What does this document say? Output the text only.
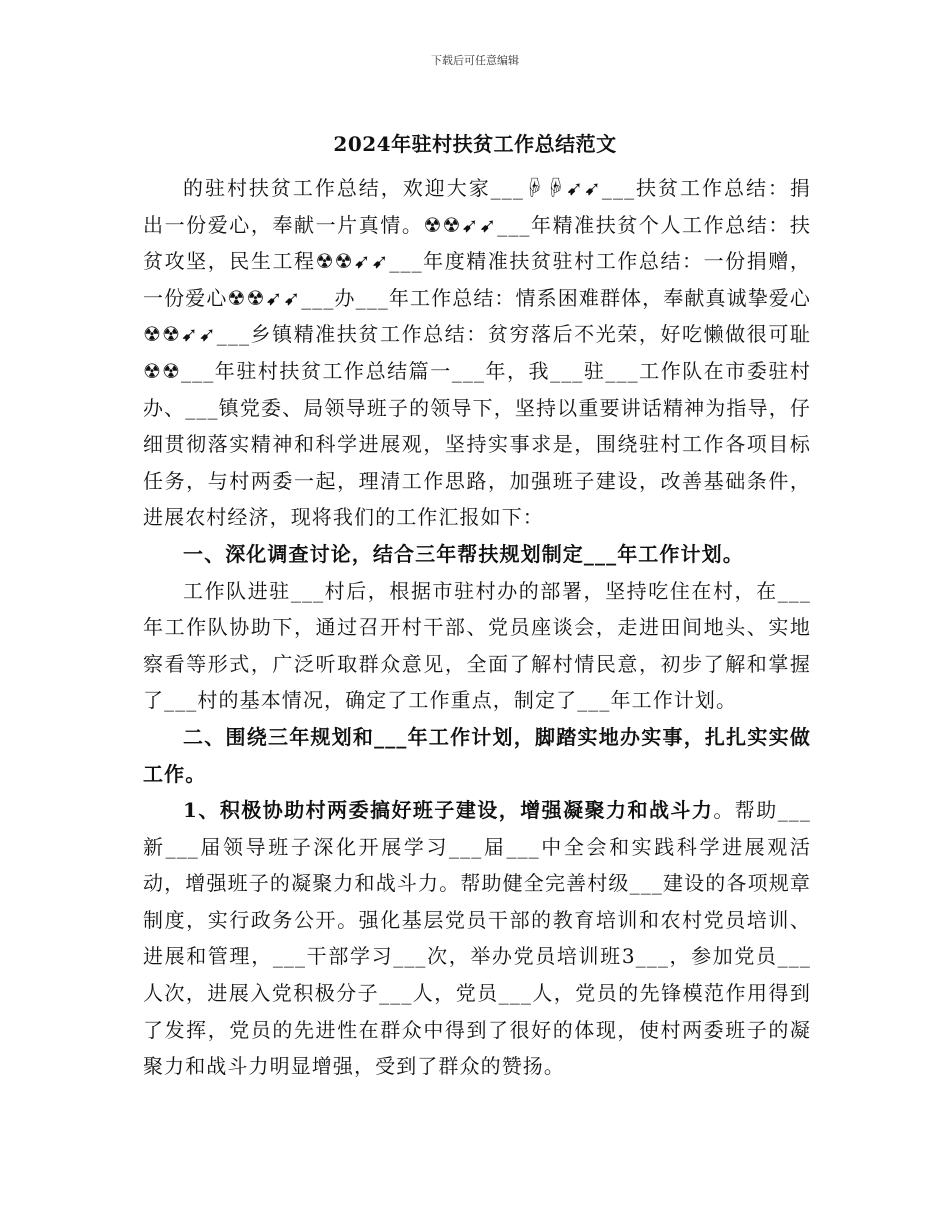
下载后可任意编辑
2024年驻村扶贫工作总结范文

的驻村扶贫工作总结，欢迎大家___☟☟➹➹___扶贫工作总结：捐出一份爱心，奉献一片真情。☢☢➹➹___年精准扶贫个人工作总结：扶贫攻坚，民生工程☢☢➹➹___年度精准扶贫驻村工作总结：一份捐赠，一份爱心☢☢➹➹___办___年工作总结：情系困难群体，奉献真诚挚爱心☢☢➹➹___乡镇精准扶贫工作总结：贫穷落后不光荣，好吃懒做很可耻☢☢___年驻村扶贫工作总结篇一___年，我___驻___工作队在市委驻村办、___镇党委、局领导班子的领导下，坚持以重要讲话精神为指导，仔细贯彻落实精神和科学进展观，坚持实事求是，围绕驻村工作各项目标任务，与村两委一起，理清工作思路，加强班子建设，改善基础条件，进展农村经济，现将我们的工作汇报如下：

一、深化调查讨论，结合三年帮扶规划制定___年工作计划。

工作队进驻___村后，根据市驻村办的部署，坚持吃住在村，在___年工作队协助下，通过召开村干部、党员座谈会，走进田间地头、实地察看等形式，广泛听取群众意见，全面了解村情民意，初步了解和掌握了___村的基本情况，确定了工作重点，制定了___年工作计划。

二、围绕三年规划和___年工作计划，脚踏实地办实事，扎扎实实做工作。

1、积极协助村两委搞好班子建设，增强凝聚力和战斗力。帮助___新___届领导班子深化开展学习___届___中全会和实践科学进展观活动，增强班子的凝聚力和战斗力。帮助健全完善村级___建设的各项规章制度，实行政务公开。强化基层党员干部的教育培训和农村党员培训、进展和管理，___干部学习___次，举办党员培训班3___，参加党员___人次，进展入党积极分子___人，党员___人，党员的先锋模范作用得到了发挥，党员的先进性在群众中得到了很好的体现，使村两委班子的凝聚力和战斗力明显增强，受到了群众的赞扬。
